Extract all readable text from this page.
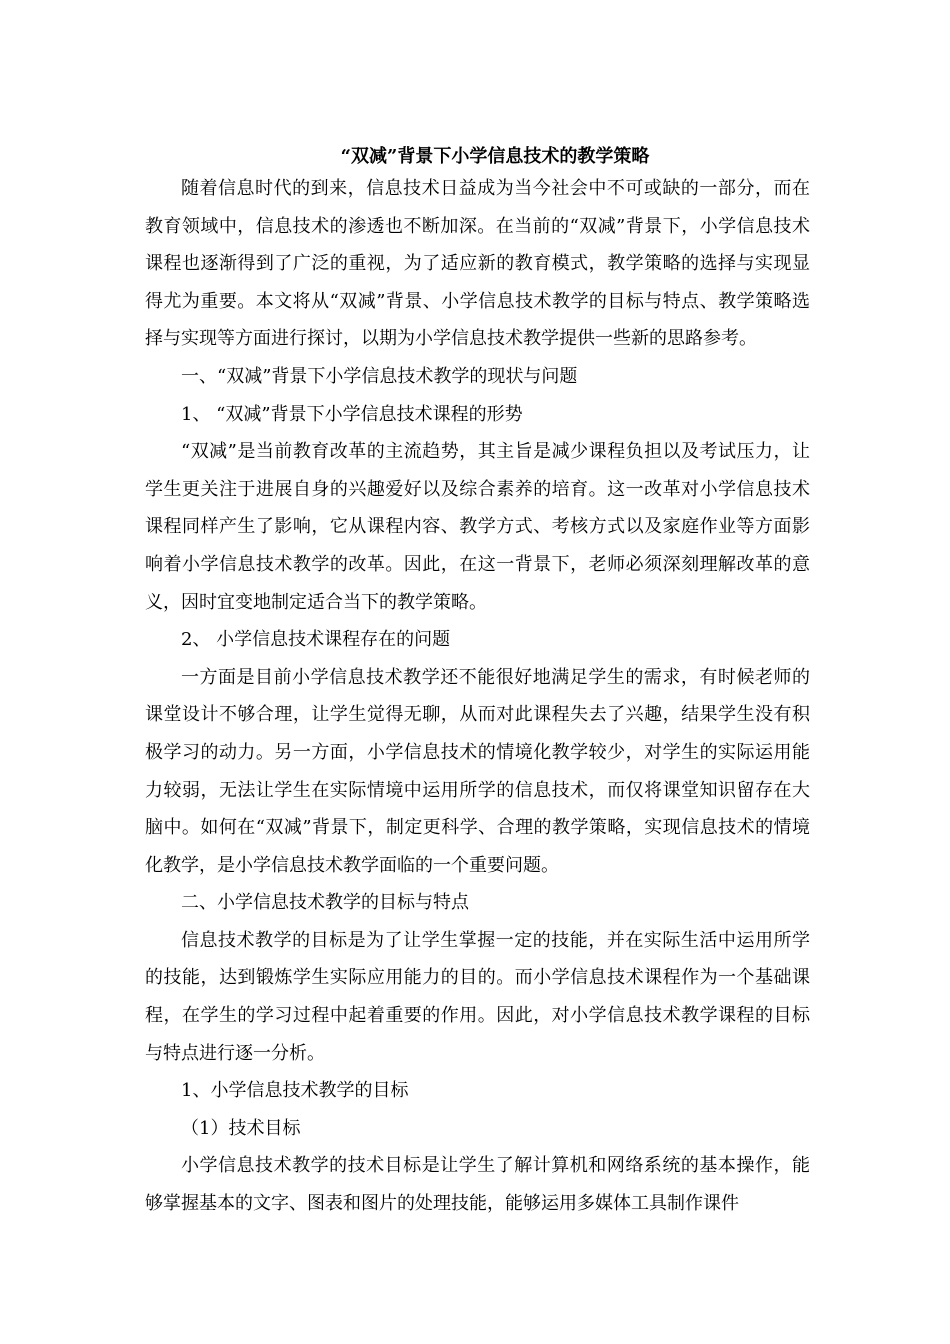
“双减”背景下小学信息技术的教学策略

随着信息时代的到来，信息技术日益成为当今社会中不可或缺的一部分，而在教育领域中，信息技术的渗透也不断加深。在当前的“双减”背景下，小学信息技术课程也逐渐得到了广泛的重视，为了适应新的教育模式，教学策略的选择与实现显得尤为重要。本文将从“双减”背景、小学信息技术教学的目标与特点、教学策略选择与实现等方面进行探讨，以期为小学信息技术教学提供一些新的思路参考。

一、“双减”背景下小学信息技术教学的现状与问题

1、 “双减”背景下小学信息技术课程的形势

“双减”是当前教育改革的主流趋势，其主旨是减少课程负担以及考试压力，让学生更关注于进展自身的兴趣爱好以及综合素养的培育。这一改革对小学信息技术课程同样产生了影响，它从课程内容、教学方式、考核方式以及家庭作业等方面影响着小学信息技术教学的改革。因此，在这一背景下，老师必须深刻理解改革的意义，因时宜变地制定适合当下的教学策略。

2、 小学信息技术课程存在的问题

一方面是目前小学信息技术教学还不能很好地满足学生的需求，有时候老师的课堂设计不够合理，让学生觉得无聊，从而对此课程失去了兴趣，结果学生没有积极学习的动力。另一方面，小学信息技术的情境化教学较少，对学生的实际运用能力较弱，无法让学生在实际情境中运用所学的信息技术，而仅将课堂知识留存在大脑中。如何在“双减”背景下，制定更科学、合理的教学策略，实现信息技术的情境化教学，是小学信息技术教学面临的一个重要问题。

二、小学信息技术教学的目标与特点

信息技术教学的目标是为了让学生掌握一定的技能，并在实际生活中运用所学的技能，达到锻炼学生实际应用能力的目的。而小学信息技术课程作为一个基础课程，在学生的学习过程中起着重要的作用。因此，对小学信息技术教学课程的目标与特点进行逐一分析。

1、小学信息技术教学的目标

（1）技术目标

小学信息技术教学的技术目标是让学生了解计算机和网络系统的基本操作，能够掌握基本的文字、图表和图片的处理技能，能够运用多媒体工具制作课件
